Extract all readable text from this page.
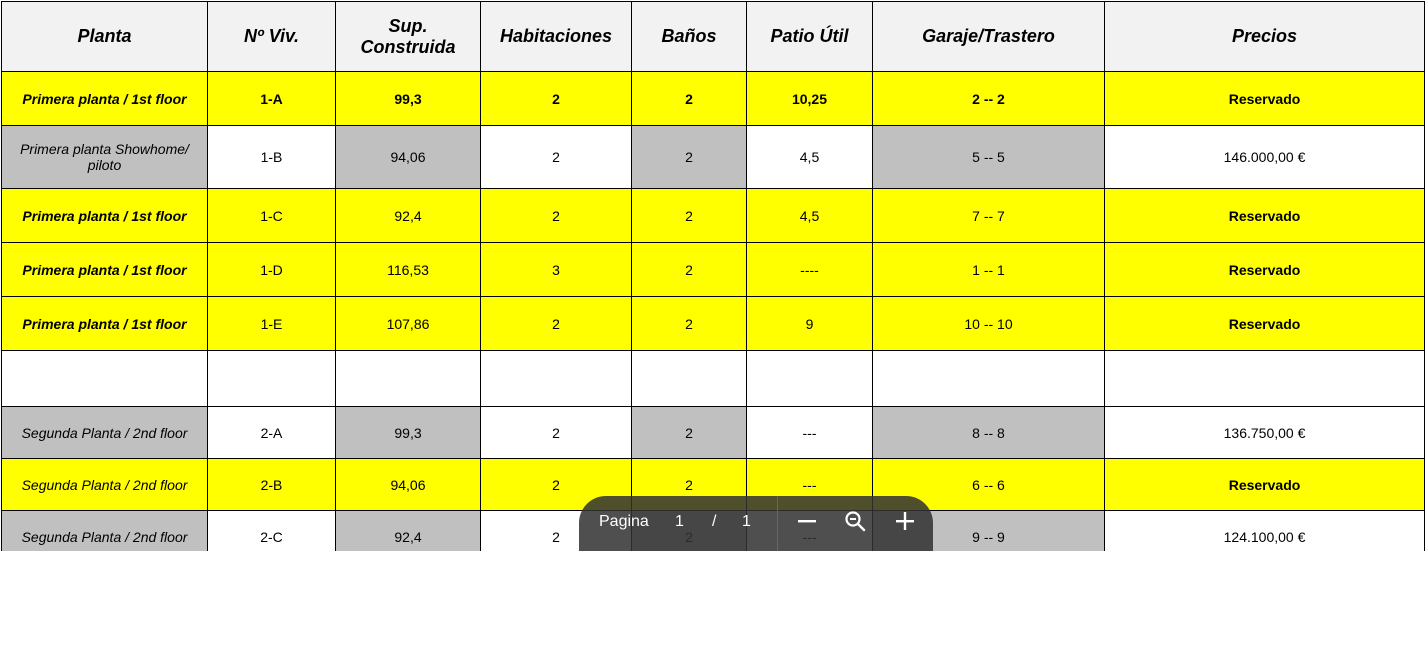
Planta	Nº Viv.	Sup. Construida	Habitaciones	Baños	Patio Útil	Garaje/Trastero	Precios
Primera planta / 1st floor	1-A	99,3	2	2	10,25	2 -- 2	Reservado
Primera planta Showhome/ piloto	1-B	94,06	2	2	4,5	5 -- 5	146.000,00 €
Primera planta / 1st floor	1-C	92,4	2	2	4,5	7 -- 7	Reservado
Primera planta / 1st floor	1-D	116,53	3	2	----	1 -- 1	Reservado
Primera planta / 1st floor	1-E	107,86	2	2	9	10 -- 10	Reservado

Segunda Planta / 2nd floor	2-A	99,3	2	2	---	8 -- 8	136.750,00 €
Segunda Planta / 2nd floor	2-B	94,06	2	2	---	6 -- 6	Reservado
Segunda Planta / 2nd floor	2-C	92,4	2			9 -- 9	124.100,00 €
Pagina 1 / 1
